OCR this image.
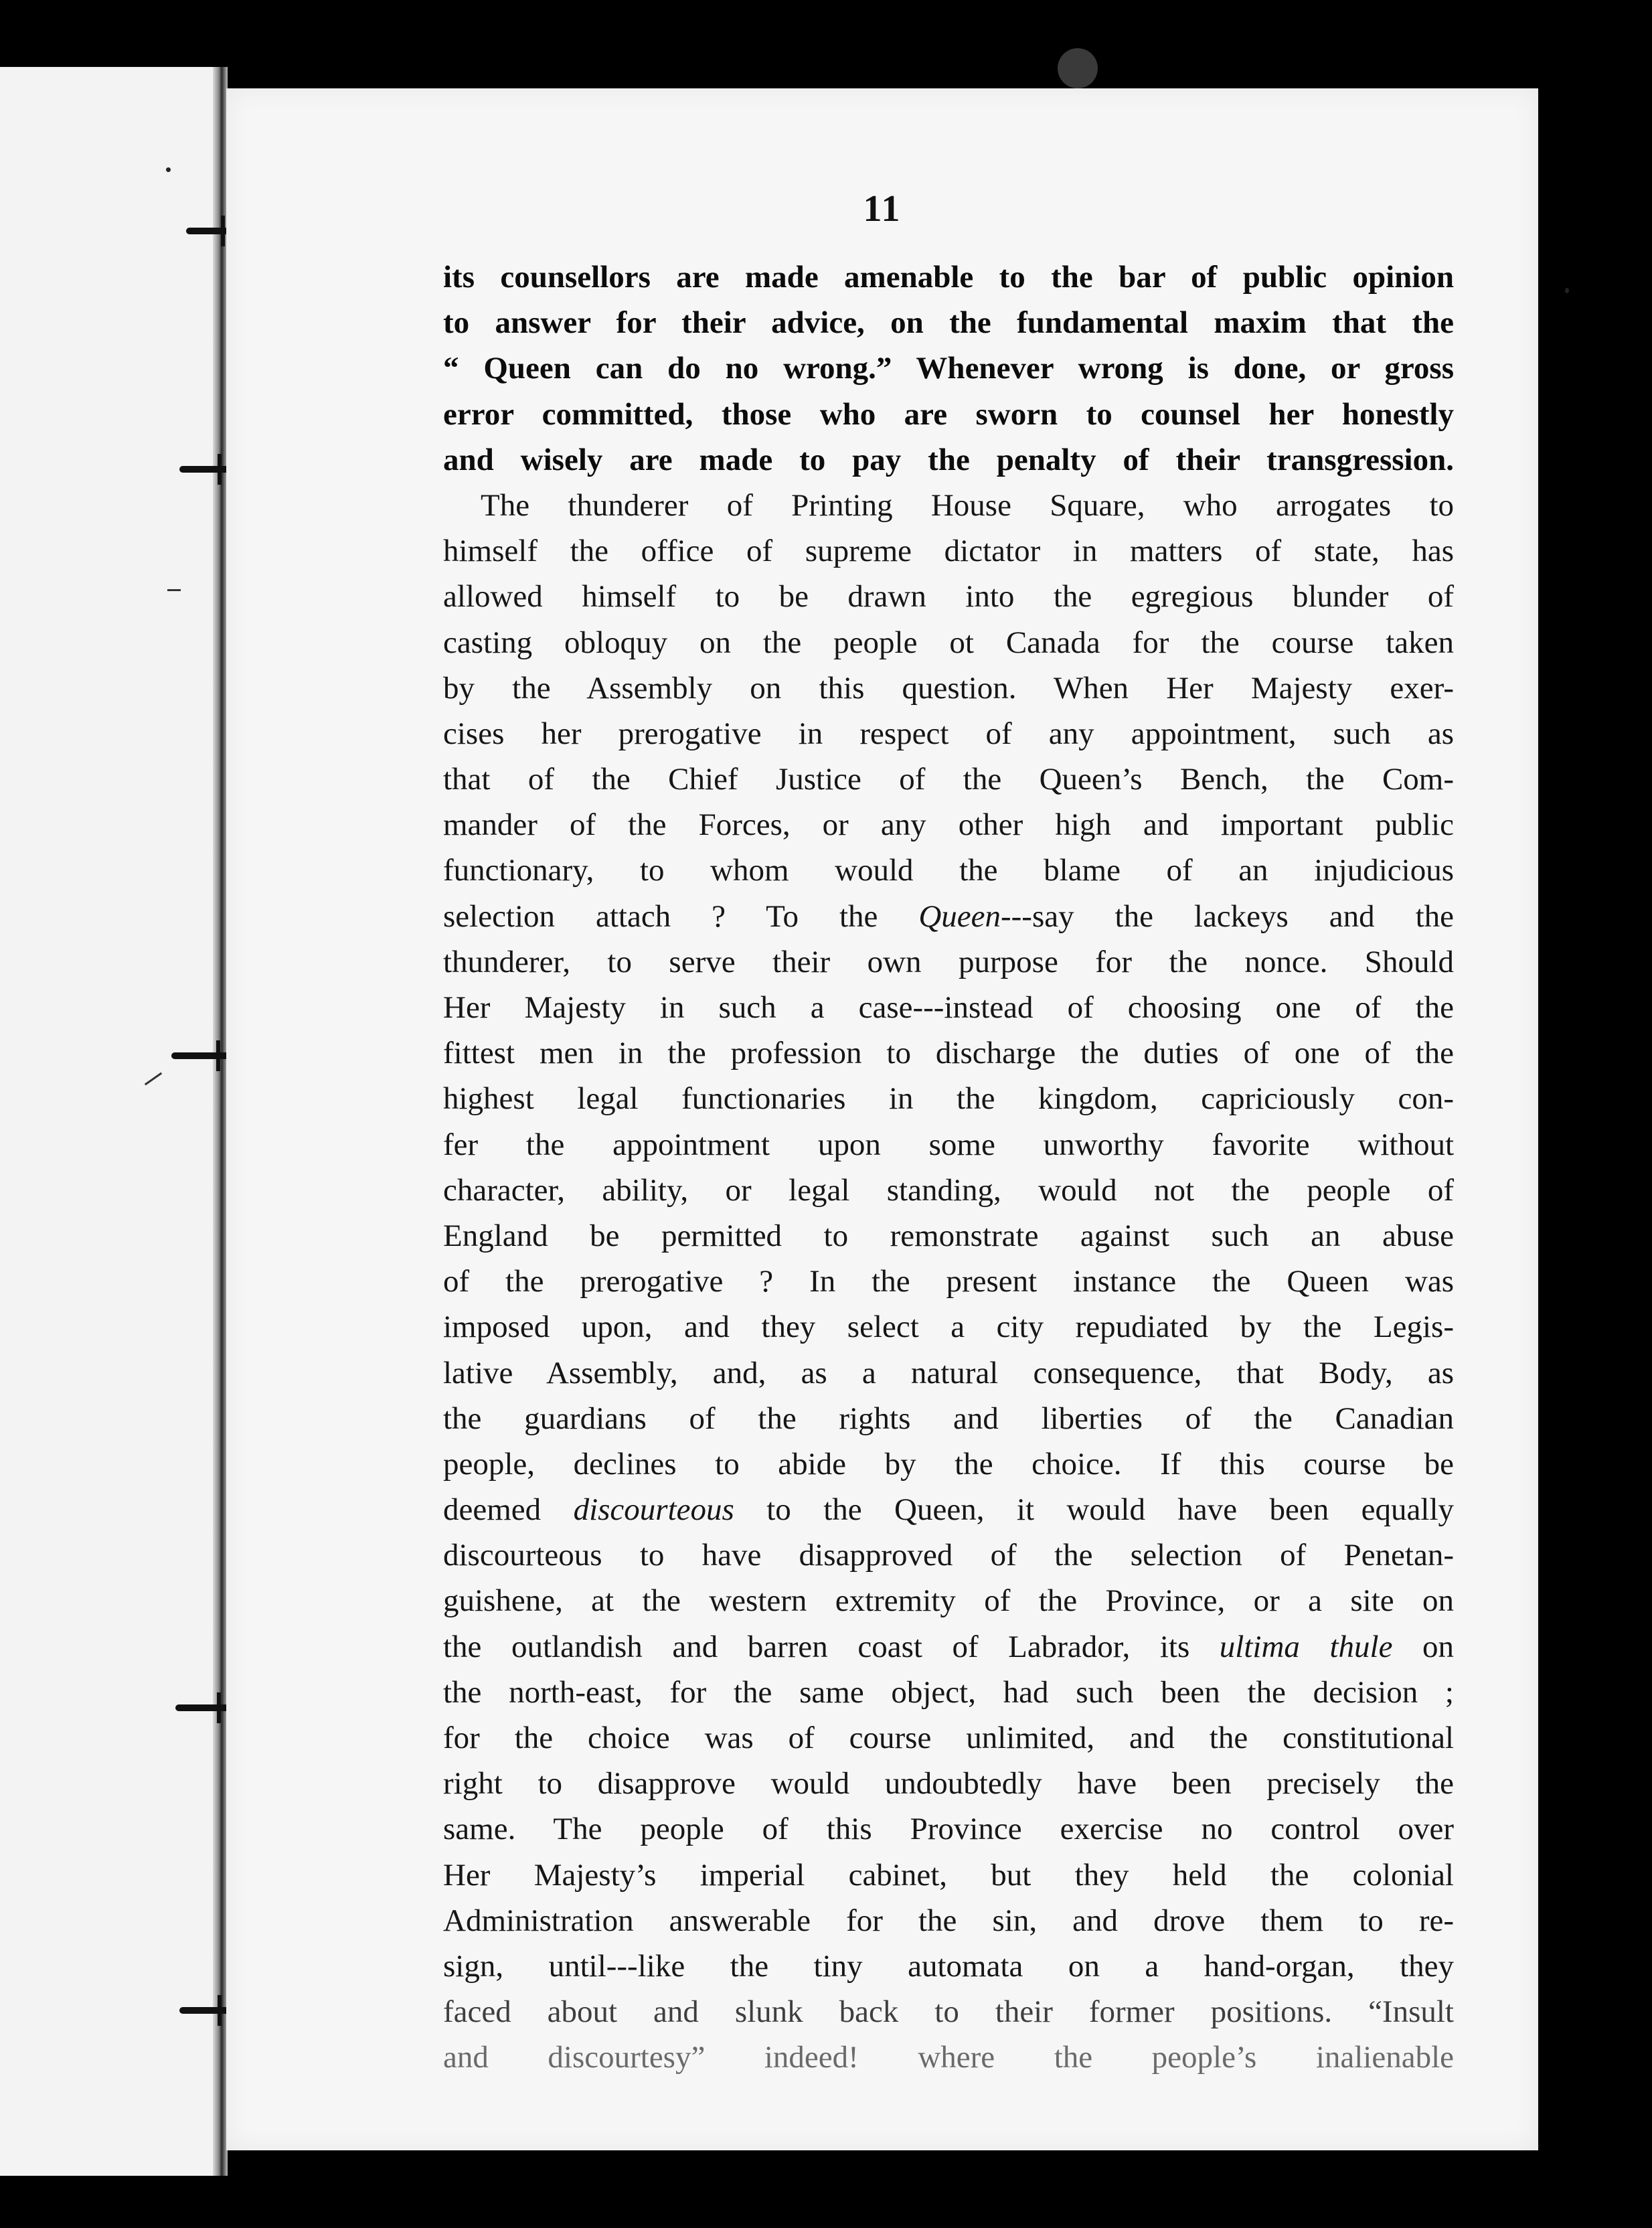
11
its counsellors are made amenable to the bar of public opinion
to answer for their advice, on the fundamental maxim that the
“ Queen can do no wrong.” Whenever wrong is done, or gross
error committed, those who are sworn to counsel her honestly
and wisely are made to pay the penalty of their transgression.
The thunderer of Printing House Square, who arrogates to
himself the office of supreme dictator in matters of state, has
allowed himself to be drawn into the egregious blunder of
casting obloquy on the people ot Canada for the course taken
by the Assembly on this question. When Her Majesty exer-
cises her prerogative in respect of any appointment, such as
that of the Chief Justice of the Queen’s Bench, the Com-
mander of the Forces, or any other high and important public
functionary, to whom would the blame of an injudicious
selection attach ? To the Queen---say the lackeys and the
thunderer, to serve their own purpose for the nonce. Should
Her Majesty in such a case---instead of choosing one of the
fittest men in the profession to discharge the duties of one of the
highest legal functionaries in the kingdom, capriciously con-
fer the appointment upon some unworthy favorite without
character, ability, or legal standing, would not the people of
England be permitted to remonstrate against such an abuse
of the prerogative ? In the present instance the Queen was
imposed upon, and they select a city repudiated by the Legis-
lative Assembly, and, as a natural consequence, that Body, as
the guardians of the rights and liberties of the Canadian
people, declines to abide by the choice. If this course be
deemed discourteous to the Queen, it would have been equally
discourteous to have disapproved of the selection of Penetan-
guishene, at the western extremity of the Province, or a site on
the outlandish and barren coast of Labrador, its ultima thule on
the north-east, for the same object, had such been the decision ;
for the choice was of course unlimited, and the constitutional
right to disapprove would undoubtedly have been precisely the
same. The people of this Province exercise no control over
Her Majesty’s imperial cabinet, but they held the colonial
Administration answerable for the sin, and drove them to re-
sign, until---like the tiny automata on a hand-organ, they
faced about and slunk back to their former positions. “Insult
and discourtesy” indeed! where the people’s inalienable
